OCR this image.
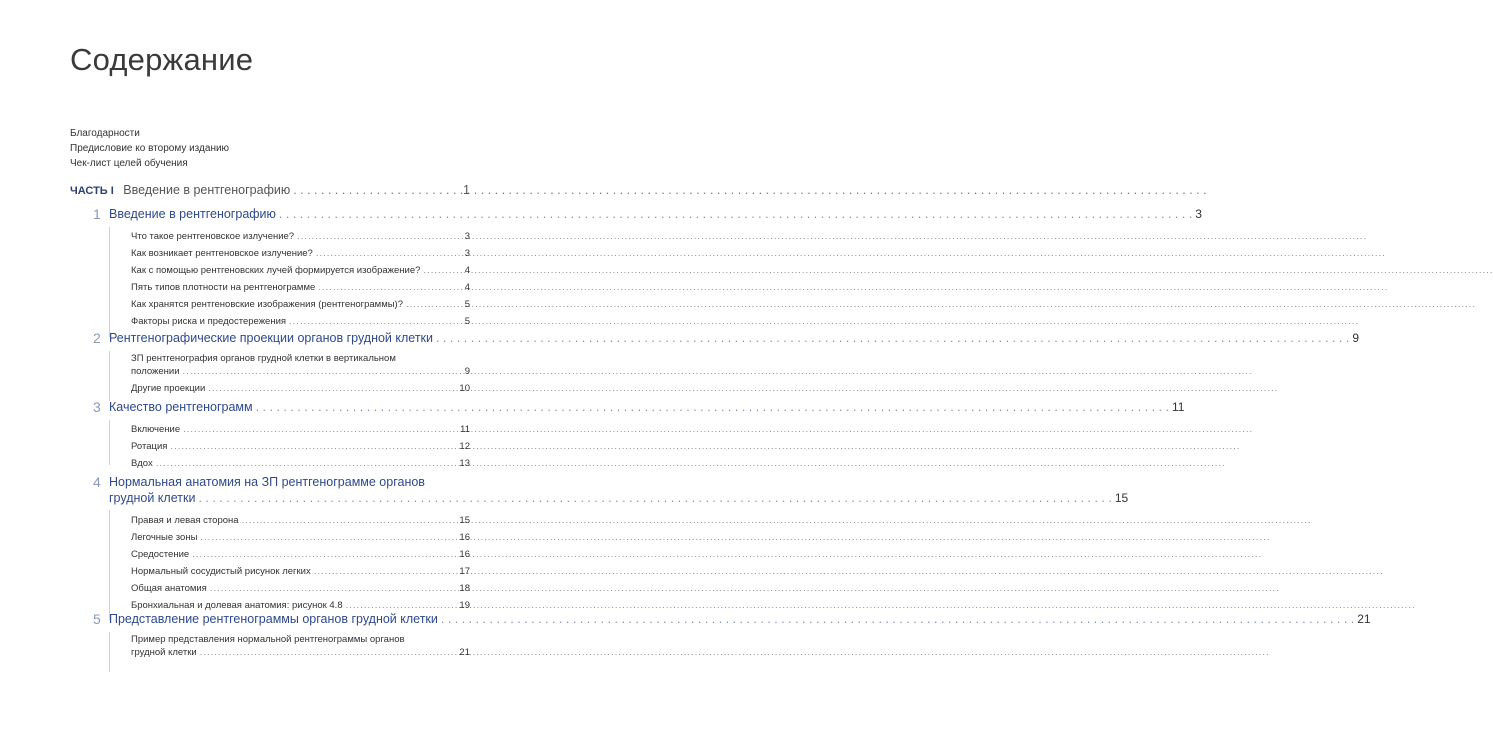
Содержание
Благодарности
Предисловие ко второму изданию
Чек-лист целей обучения
ЧАСТЬ I Введение в рентгенографию . . .	1
1 Введение в рентгенографию . . .	3
Что такое рентгеновское излучение? .....	3
Как возникает рентгеновское излучение? .....	3
Как с помощью рентгеновских лучей формируется изображение? .....	4
Пять типов плотности на рентгенограмме .....	4
Как хранятся рентгеновские изображения (рентгенограммы)? .....	5
Факторы риска и предостережения .....	5
2 Рентгенографические проекции органов грудной клетки . . .	9
ЗП рентгенография органов грудной клетки в вертикальном
положении .....	9
Другие проекции .....	10
3 Качество рентгенограмм . . .	11
Включение .....	11
Ротация .....	12
Вдох .....	13
4 Нормальная анатомия на ЗП рентгенограмме органов
грудной клетки . . .	15
Правая и левая сторона .....	15
Легочные зоны .....	16
Средостение .....	16
Нормальный сосудистый рисунок легких .....	17
Общая анатомия .....	18
Бронхиальная и долевая анатомия: рисунок 4.8 .....	19
5 Представление рентгенограммы органов грудной клетки . . .	21
Пример представления нормальной рентгенограммы органов
грудной клетки .....	21
